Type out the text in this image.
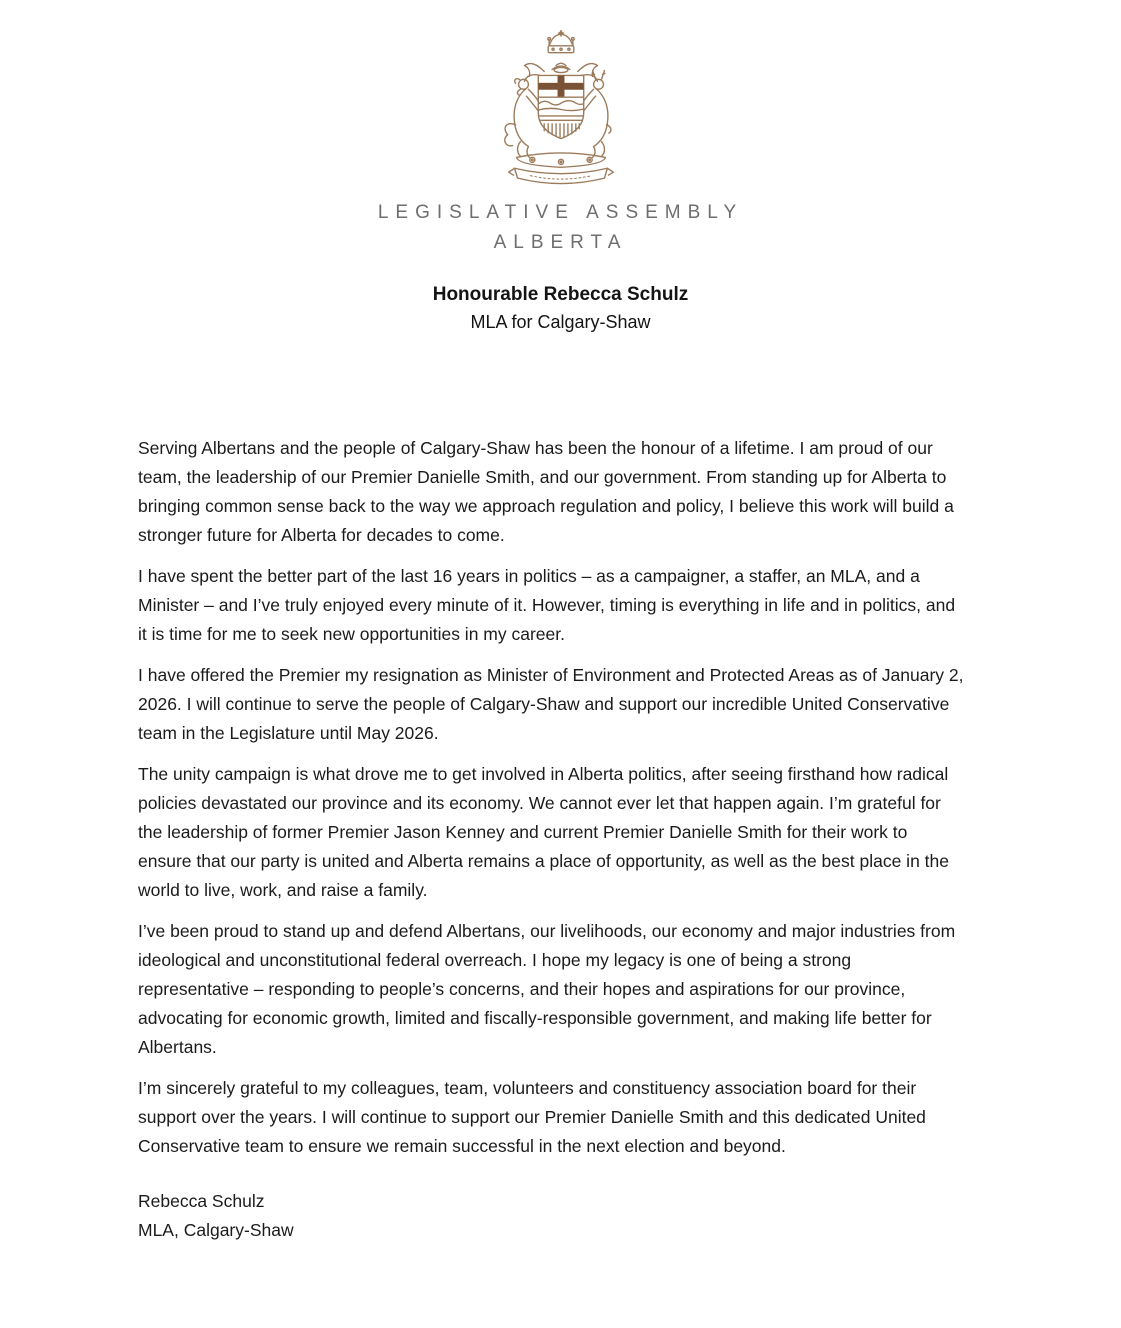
LEGISLATIVE ASSEMBLY
ALBERTA
Honourable Rebecca Schulz
MLA for Calgary-Shaw

Serving Albertans and the people of Calgary-Shaw has been the honour of a lifetime. I am proud of our team, the leadership of our Premier Danielle Smith, and our government. From standing up for Alberta to bringing common sense back to the way we approach regulation and policy, I believe this work will build a stronger future for Alberta for decades to come.

I have spent the better part of the last 16 years in politics – as a campaigner, a staffer, an MLA, and a Minister – and I’ve truly enjoyed every minute of it. However, timing is everything in life and in politics, and it is time for me to seek new opportunities in my career.

I have offered the Premier my resignation as Minister of Environment and Protected Areas as of January 2, 2026. I will continue to serve the people of Calgary-Shaw and support our incredible United Conservative team in the Legislature until May 2026.

The unity campaign is what drove me to get involved in Alberta politics, after seeing firsthand how radical policies devastated our province and its economy. We cannot ever let that happen again. I’m grateful for the leadership of former Premier Jason Kenney and current Premier Danielle Smith for their work to ensure that our party is united and Alberta remains a place of opportunity, as well as the best place in the world to live, work, and raise a family.

I’ve been proud to stand up and defend Albertans, our livelihoods, our economy and major industries from ideological and unconstitutional federal overreach. I hope my legacy is one of being a strong representative – responding to people’s concerns, and their hopes and aspirations for our province, advocating for economic growth, limited and fiscally-responsible government, and making life better for Albertans.

I’m sincerely grateful to my colleagues, team, volunteers and constituency association board for their support over the years. I will continue to support our Premier Danielle Smith and this dedicated United Conservative team to ensure we remain successful in the next election and beyond.

Rebecca Schulz
MLA, Calgary-Shaw
